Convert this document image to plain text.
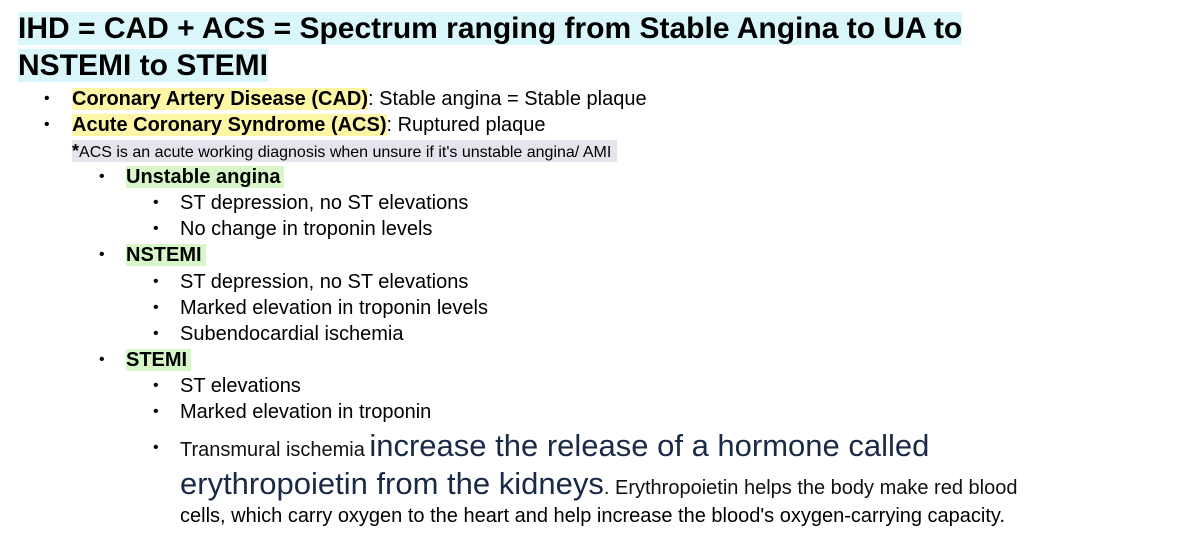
IHD = CAD + ACS = Spectrum ranging from Stable Angina to UA to

NSTEMI to STEMI

• Coronary Artery Disease (CAD): Stable angina = Stable plaque
• Acute Coronary Syndrome (ACS): Ruptured plaque
*ACS is an acute working diagnosis when unsure if it's unstable angina/ AMI
• Unstable angina
• ST depression, no ST elevations
• No change in troponin levels
• NSTEMI
• ST depression, no ST elevations
• Marked elevation in troponin levels
• Subendocardial ischemia
• STEMI
• ST elevations
• Marked elevation in troponin
• Transmural ischemia increase the release of a hormone called
erythropoietin from the kidneys. Erythropoietin helps the body make red blood
cells, which carry oxygen to the heart and help increase the blood's oxygen-carrying capacity.
